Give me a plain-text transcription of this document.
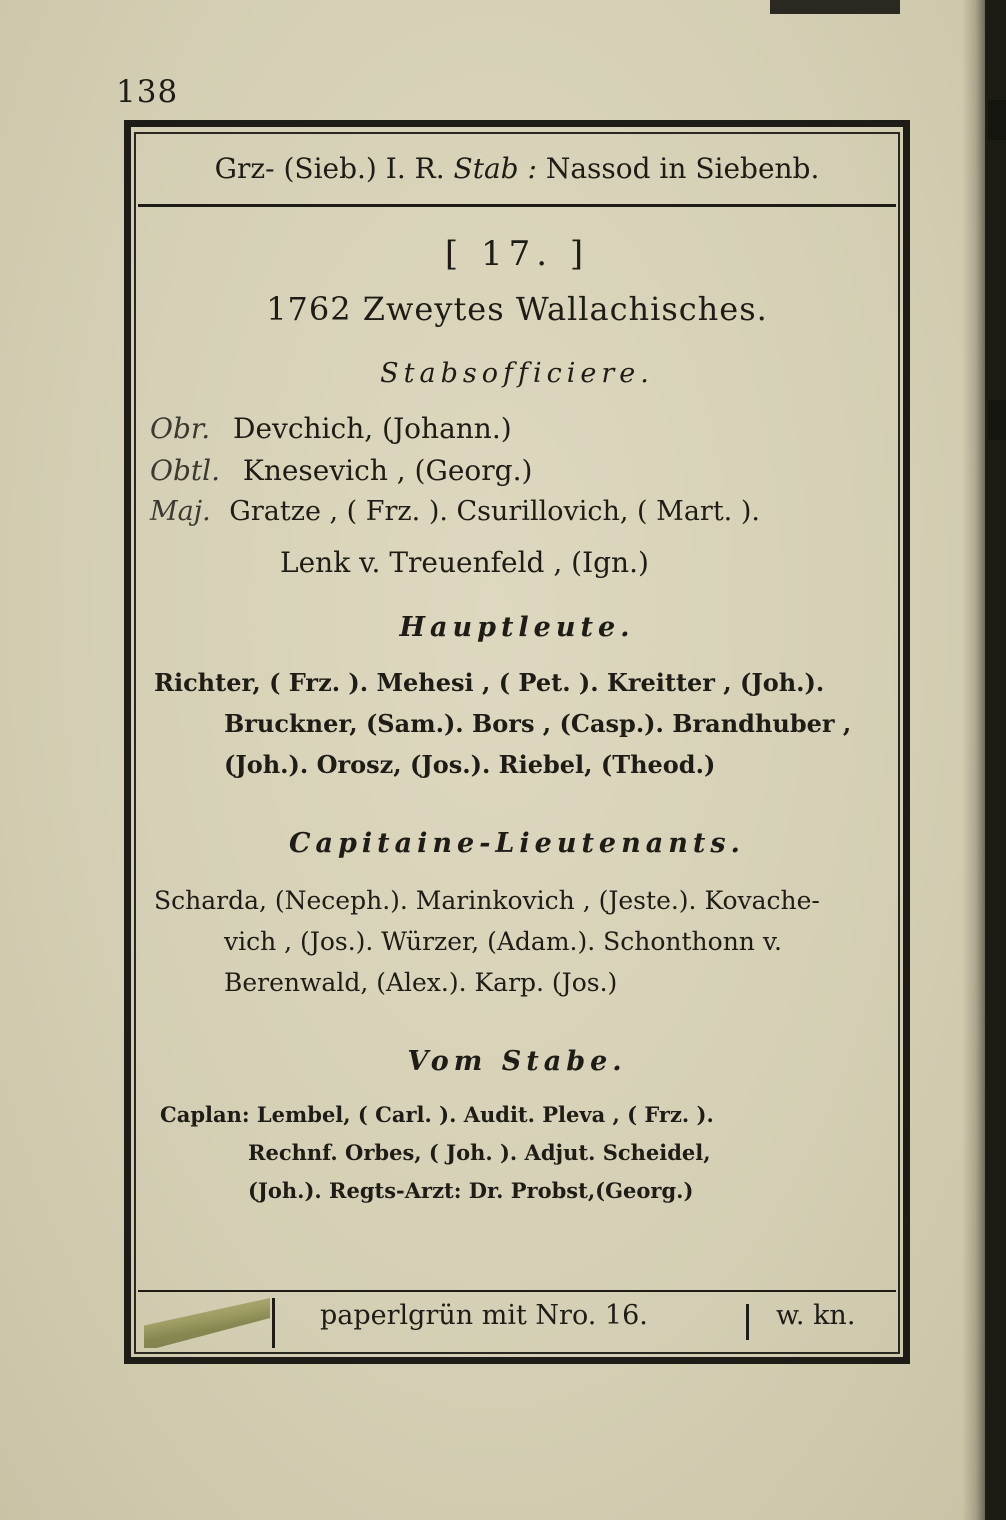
138
Grz- (Sieb.) I. R. Stab : Nassod in Siebenb.
[ 17. ]
1762 Zweytes Wallachisches.
Stabsofficiere.
Obr. Devchich, (Johann.)
Obtl. Knesevich , (Georg.)
Maj. Gratze , ( Frz. ). Csurillovich, ( Mart. ).
Lenk v. Treuenfeld , (Ign.)
Hauptleute.
Richter, ( Frz. ). Mehesi , ( Pet. ). Kreitter , (Joh.).
Bruckner, (Sam.). Bors , (Casp.). Brandhuber ,
(Joh.). Orosz, (Jos.). Riebel, (Theod.)
Capitaine-Lieutenants.
Scharda, (Neceph.). Marinkovich , (Jeste.). Kovache-
vich , (Jos.). Würzer, (Adam.). Schonthonn v.
Berenwald, (Alex.). Karp. (Jos.)
Vom Stabe.
Caplan: Lembel, ( Carl. ). Audit. Pleva , ( Frz. ).
Rechnf. Orbes, ( Joh. ). Adjut. Scheidel,
(Joh.). Regts-Arzt: Dr. Probst,(Georg.)
paperlgrün mit Nro. 16.	w. kn.
